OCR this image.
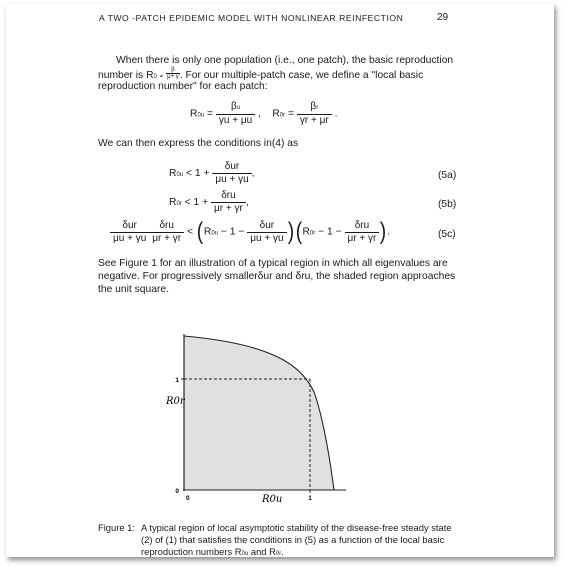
A TWO -PATCH EPIDEMIC MODEL WITH NONLINEAR REINFECTION	29
When there is only one population (i.e., one patch), the basic reproduction
number is $R0 = \frac{\beta}{\mu+ \gamma}$ . For our multiple-patch case, we define a "local basic
reproduction number" for each patch:
$R0u = \frac{\beta u}{\gamma u + \mu u}$ , $R0r = \frac{\beta r}{\gamma r + \mu r}$ .
We can then express the conditions in(4) as
$R0u < 1 + \frac{\text{δur}}{\mu u + \gamma u}$ ,	(5a)
$R0r < 1 + \frac{\text{δru}}{\mu r + \gamma r}$ ,	(5b)
$\frac{\text{δur}}{\mu u + \gamma u} \frac{\text{δru}}{\mu r + \gamma r} < (R0u - 1 - \frac{\text{δur}}{\mu u + \gamma u} )(R0r - 1 - \frac{\text{δru}}{\mu r + \gamma r}$ ).	(5c)
See Figure 1 for an illustration of a typical region in which all eigenvalues are
negative. For progressively smallerδur and δru, the shaded region approaches
the unit square.
1
0
0	1
R0r
R0u
Figure 1: A typical region of local asymptotic stability of the disease-free steady state
(2) of (1) that satisfies the conditions in (5) as a function of the local basic
reproduction numbers R0u and R0r.
